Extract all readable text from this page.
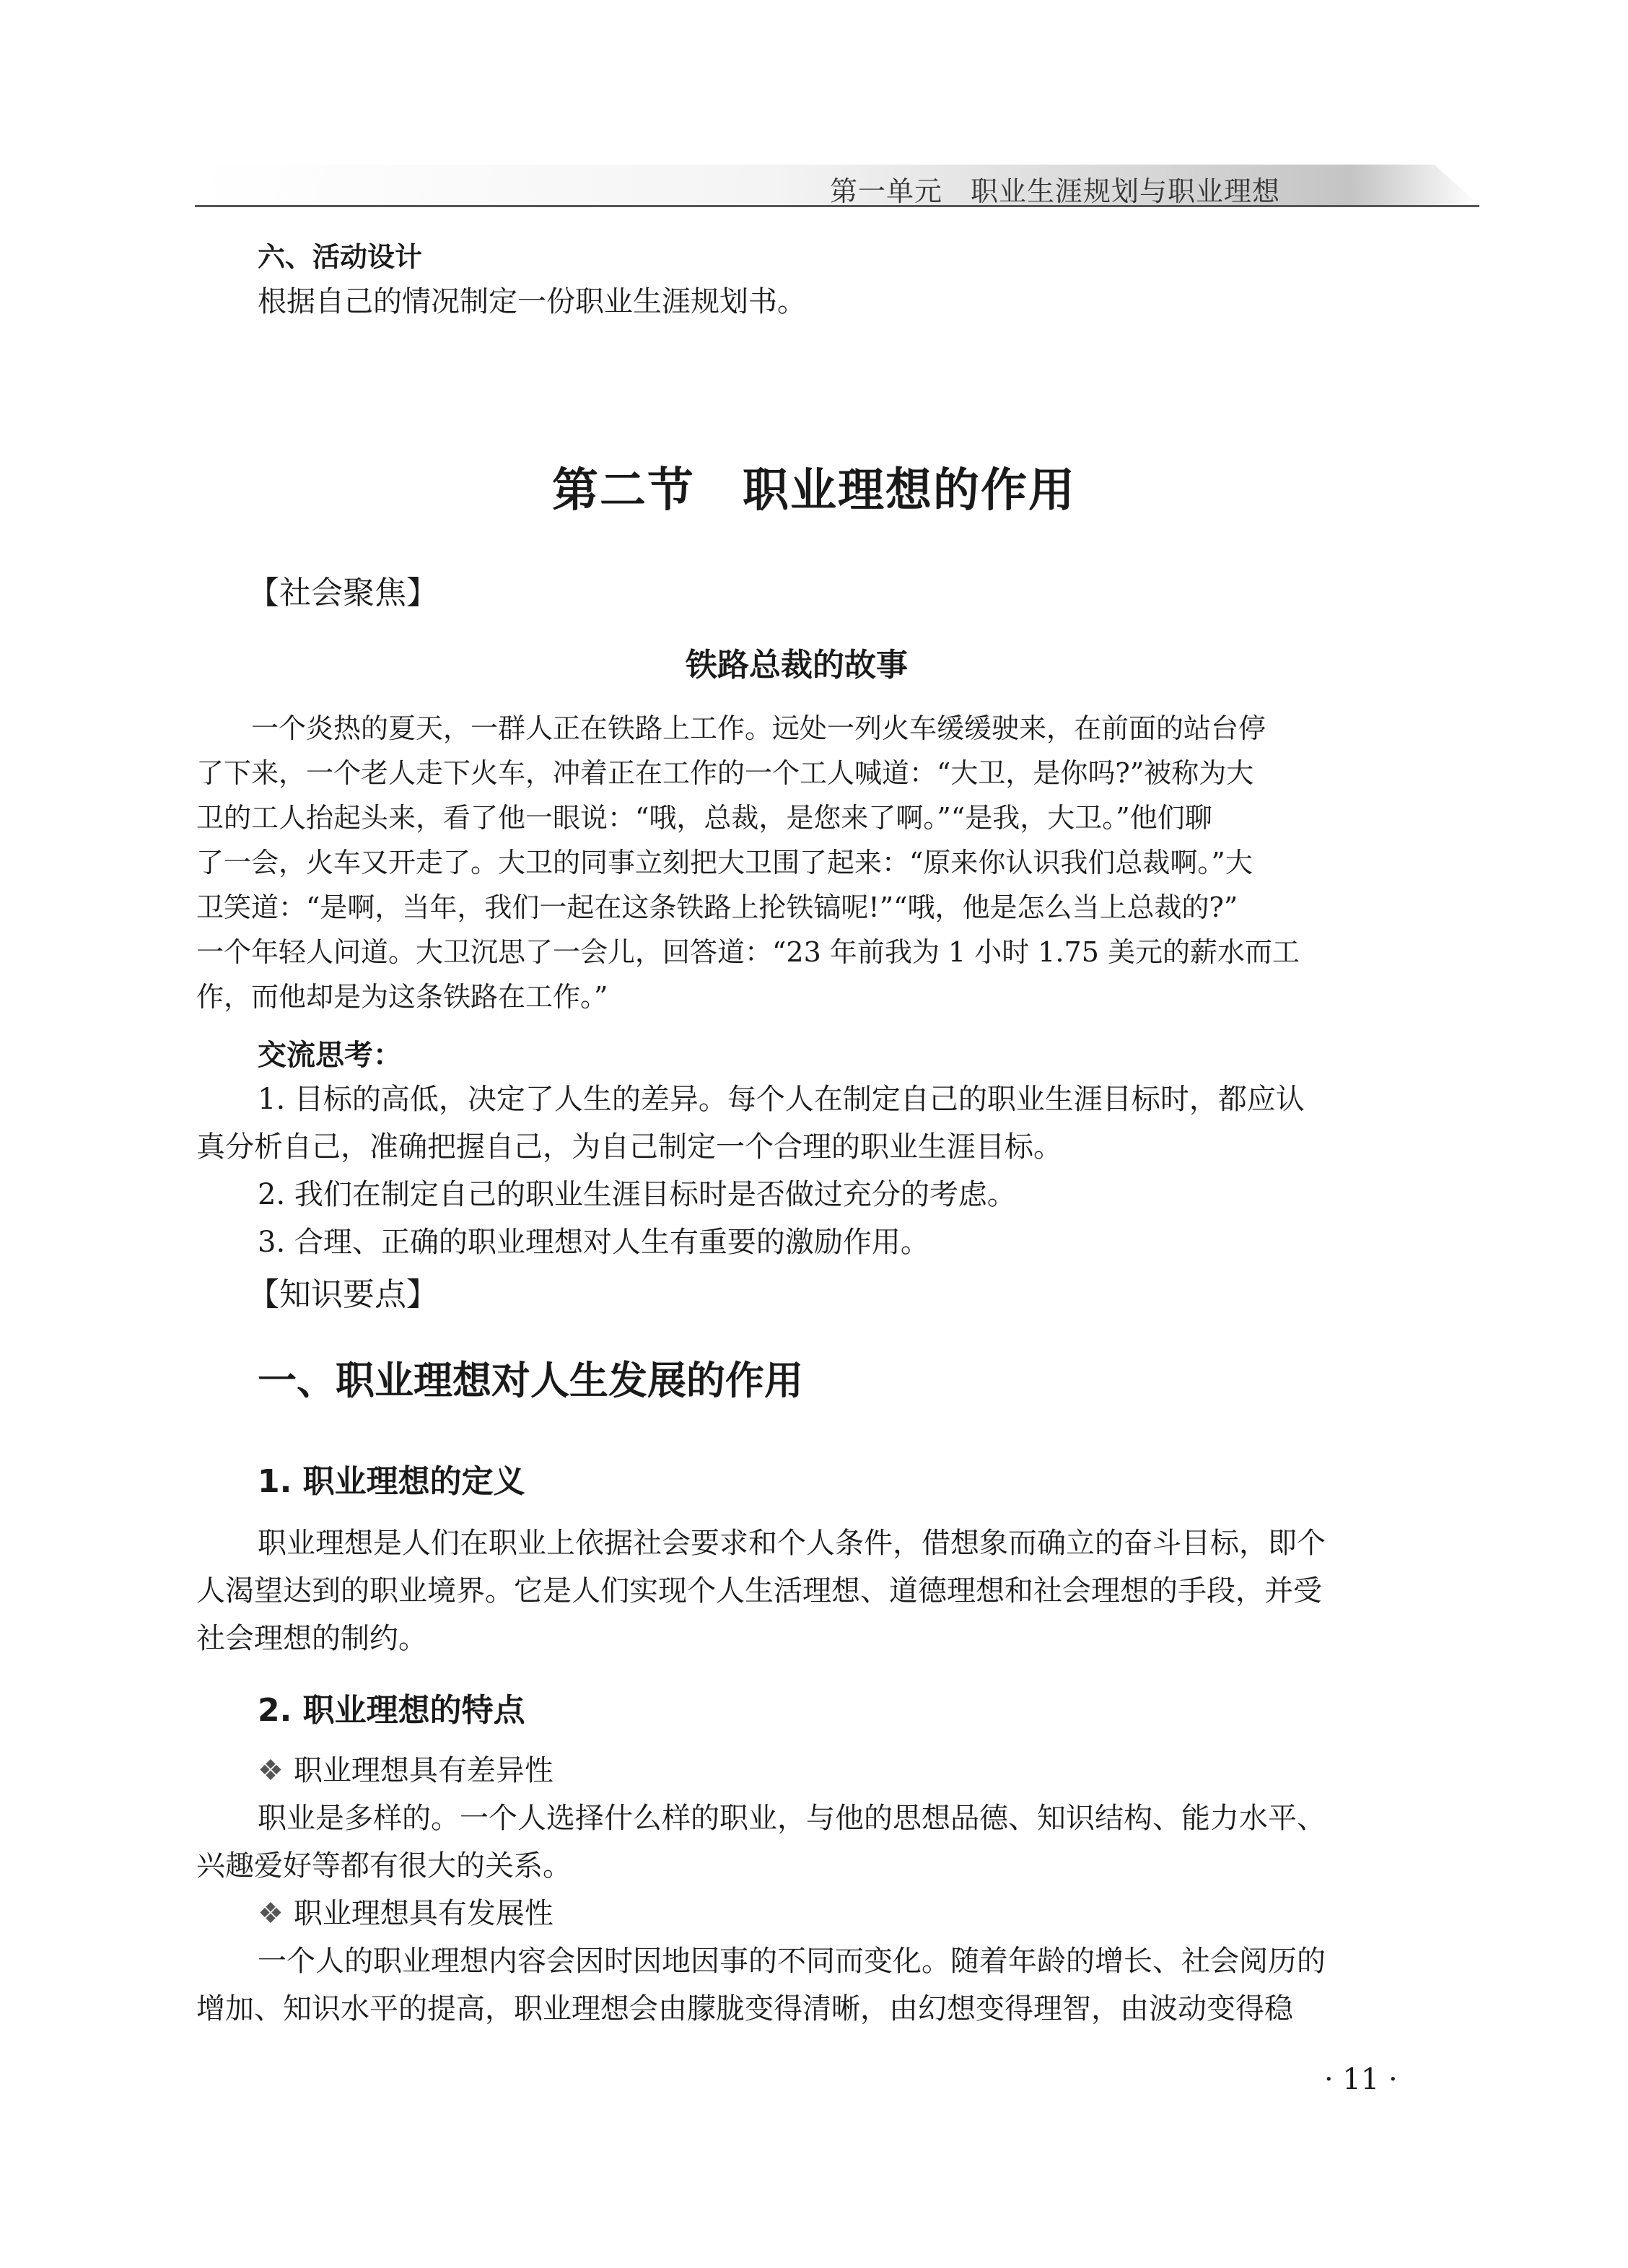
第一单元　职业生涯规划与职业理想

六、活动设计

根据自己的情况制定一份职业生涯规划书。

第二节　职业理想的作用

【社会聚焦】

铁路总裁的故事

　　一个炎热的夏天，一群人正在铁路上工作。远处一列火车缓缓驶来，在前面的站台停
了下来，一个老人走下火车，冲着正在工作的一个工人喊道：“大卫，是你吗?”被称为大
卫的工人抬起头来，看了他一眼说：“哦，总裁，是您来了啊。”“是我，大卫。”他们聊
了一会，火车又开走了。大卫的同事立刻把大卫围了起来：“原来你认识我们总裁啊。”大
卫笑道：“是啊，当年，我们一起在这条铁路上抡铁镐呢!”“哦，他是怎么当上总裁的?”
一个年轻人问道。大卫沉思了一会儿，回答道：“23 年前我为 1 小时 1.75 美元的薪水而工
作，而他却是为这条铁路在工作。”

交流思考：

1. 目标的高低，决定了人生的差异。每个人在制定自己的职业生涯目标时，都应认
真分析自己，准确把握自己，为自己制定一个合理的职业生涯目标。
2. 我们在制定自己的职业生涯目标时是否做过充分的考虑。
3. 合理、正确的职业理想对人生有重要的激励作用。

【知识要点】

一、职业理想对人生发展的作用

1. 职业理想的定义

职业理想是人们在职业上依据社会要求和个人条件，借想象而确立的奋斗目标，即个
人渴望达到的职业境界。它是人们实现个人生活理想、道德理想和社会理想的手段，并受
社会理想的制约。

2. 职业理想的特点

❖ 职业理想具有差异性

职业是多样的。一个人选择什么样的职业，与他的思想品德、知识结构、能力水平、
兴趣爱好等都有很大的关系。

❖ 职业理想具有发展性

一个人的职业理想内容会因时因地因事的不同而变化。随着年龄的增长、社会阅历的
增加、知识水平的提高，职业理想会由朦胧变得清晰，由幻想变得理智，由波动变得稳

· 11 ·
